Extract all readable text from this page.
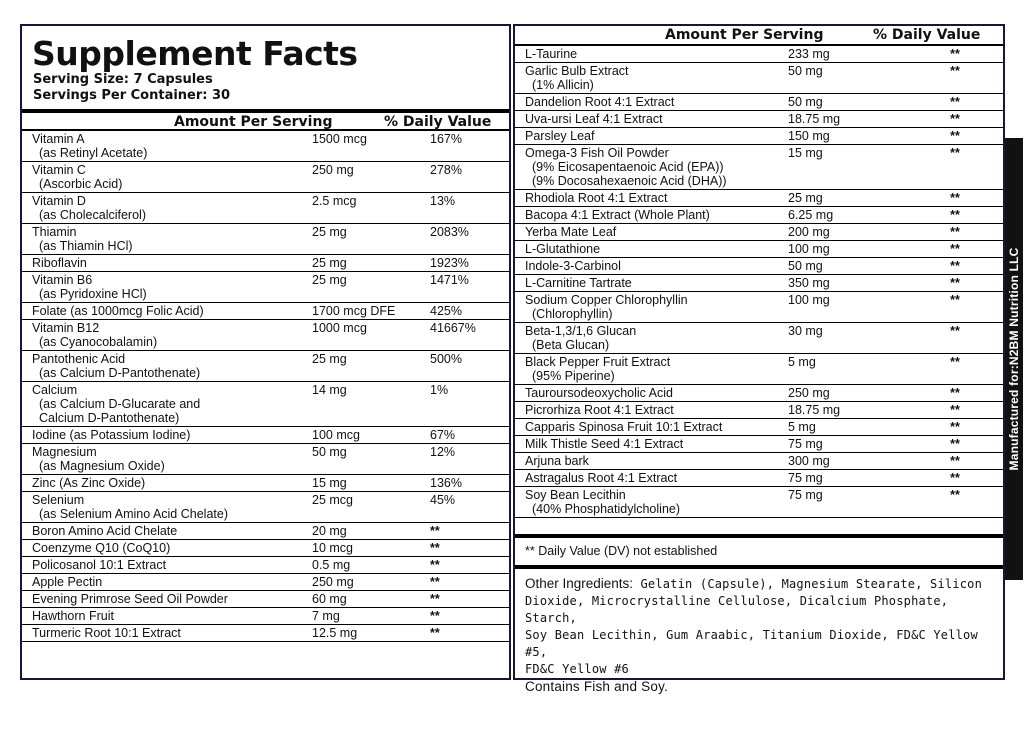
Supplement Facts
Serving Size: 7 Capsules
Servings Per Container: 30
Amount Per Serving	% Daily Value
Vitamin A
(as Retinyl Acetate)
1500 mcg	167%
Vitamin C
(Ascorbic Acid)
250 mg	278%
Vitamin D
(as Cholecalciferol)
2.5 mcg	13%
Thiamin
(as Thiamin HCl)
25 mg	2083%
Riboflavin	25 mg	1923%
Vitamin B6
(as Pyridoxine HCl)
25 mg	1471%
Folate (as 1000mcg Folic Acid)	1700 mcg DFE	425%
Vitamin B12
(as Cyanocobalamin)
1000 mcg	41667%
Pantothenic Acid
(as Calcium D-Pantothenate)
25 mg	500%
Calcium
(as Calcium D-Glucarate and
Calcium D-Pantothenate)
14 mg	1%
Iodine (as Potassium Iodine)	100 mcg	67%
Magnesium
(as Magnesium Oxide)
50 mg	12%
Zinc (As Zinc Oxide)	15 mg	136%
Selenium
(as Selenium Amino Acid Chelate)
25 mcg	45%
Boron Amino Acid Chelate	20 mg	**
Coenzyme Q10 (CoQ10)	10 mcg	**
Policosanol 10:1 Extract	0.5 mg	**
Apple Pectin	250 mg	**
Evening Primrose Seed Oil Powder	60 mg	**
Hawthorn Fruit	7 mg	**
Turmeric Root 10:1 Extract	12.5 mg	**
Amount Per Serving	% Daily Value
L-Taurine	233 mg	**
Garlic Bulb Extract
(1% Allicin)
50 mg	**
Dandelion Root 4:1 Extract	50 mg	**
Uva-ursi Leaf 4:1 Extract	18.75 mg	**
Parsley Leaf	150 mg	**
Omega-3 Fish Oil Powder
(9% Eicosapentaenoic Acid (EPA))
(9% Docosahexaenoic Acid (DHA))
15 mg	**
Rhodiola Root 4:1 Extract	25 mg	**
Bacopa 4:1 Extract (Whole Plant)	6.25 mg	**
Yerba Mate Leaf	200 mg	**
L-Glutathione	100 mg	**
Indole-3-Carbinol	50 mg	**
L-Carnitine Tartrate	350 mg	**
Sodium Copper Chlorophyllin
(Chlorophyllin)
100 mg	**
Beta-1,3/1,6 Glucan
(Beta Glucan)
30 mg	**
Black Pepper Fruit Extract
(95% Piperine)
5 mg	**
Tauroursodeoxycholic Acid	250 mg	**
Picrorhiza Root 4:1 Extract	18.75 mg	**
Capparis Spinosa Fruit 10:1 Extract	5 mg	**
Milk Thistle Seed 4:1 Extract	75 mg	**
Arjuna bark	300 mg	**
Astragalus Root 4:1 Extract	75 mg	**
Soy Bean Lecithin
(40% Phosphatidylcholine)
75 mg	**
** Daily Value (DV) not established
Other Ingredients: Gelatin (Capsule), Magnesium Stearate, Silicon
Dioxide, Microcrystalline Cellulose, Dicalcium Phosphate, Starch,
Soy Bean Lecithin, Gum Araabic, Titanium Dioxide, FD&C Yellow #5,
FD&C Yellow #6
Contains Fish and Soy.
Manufactured for:N2BM Nutrition LLC
